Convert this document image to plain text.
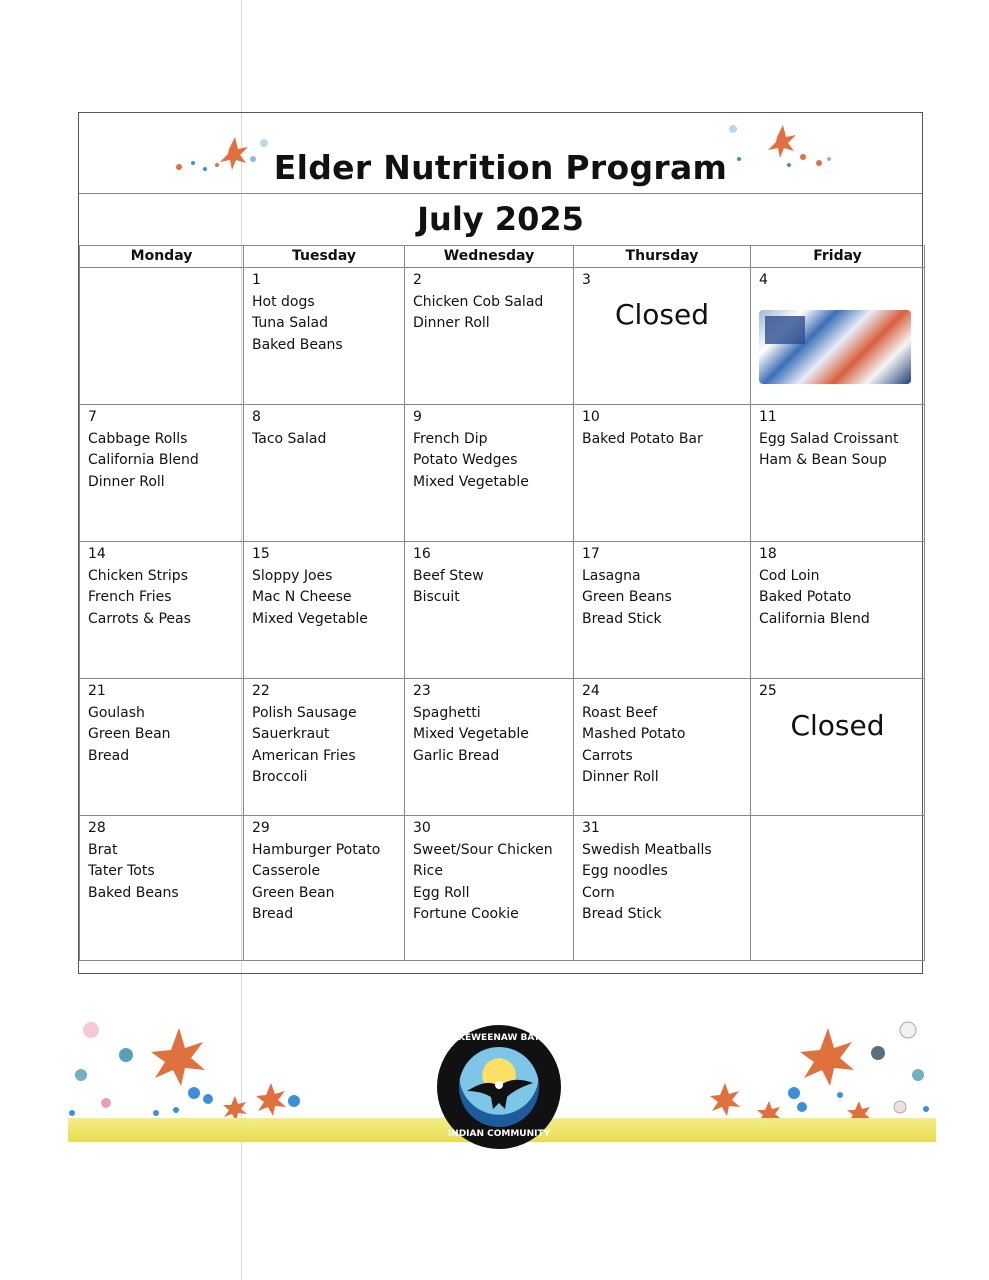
Elder Nutrition Program
July 2025
Monday	Tuesday	Wednesday	Thursday	Friday

	1
Hot dogs
Tuna Salad
Baked Beans	2
Chicken Cob Salad
Dinner Roll	3
Closed	4

7
Cabbage Rolls
California Blend
Dinner Roll	8
Taco Salad	9
French Dip
Potato Wedges
Mixed Vegetable	10
Baked Potato Bar	11
Egg Salad Croissant
Ham & Bean Soup

14
Chicken Strips
French Fries
Carrots & Peas	15
Sloppy Joes
Mac N Cheese
Mixed Vegetable	16
Beef Stew
Biscuit	17
Lasagna
Green Beans
Bread Stick	18
Cod Loin
Baked Potato
California Blend

21
Goulash
Green Bean
Bread	22
Polish Sausage
Sauerkraut
American Fries
Broccoli	23
Spaghetti
Mixed Vegetable
Garlic Bread	24
Roast Beef
Mashed Potato
Carrots
Dinner Roll	25
Closed

28
Brat
Tater Tots
Baked Beans	29
Hamburger Potato
Casserole
Green Bean
Bread	30
Sweet/Sour Chicken
Rice
Egg Roll
Fortune Cookie	31
Swedish Meatballs
Egg noodles
Corn
Bread Stick	

KEWEENAW BAY
INDIAN COMMUNITY
